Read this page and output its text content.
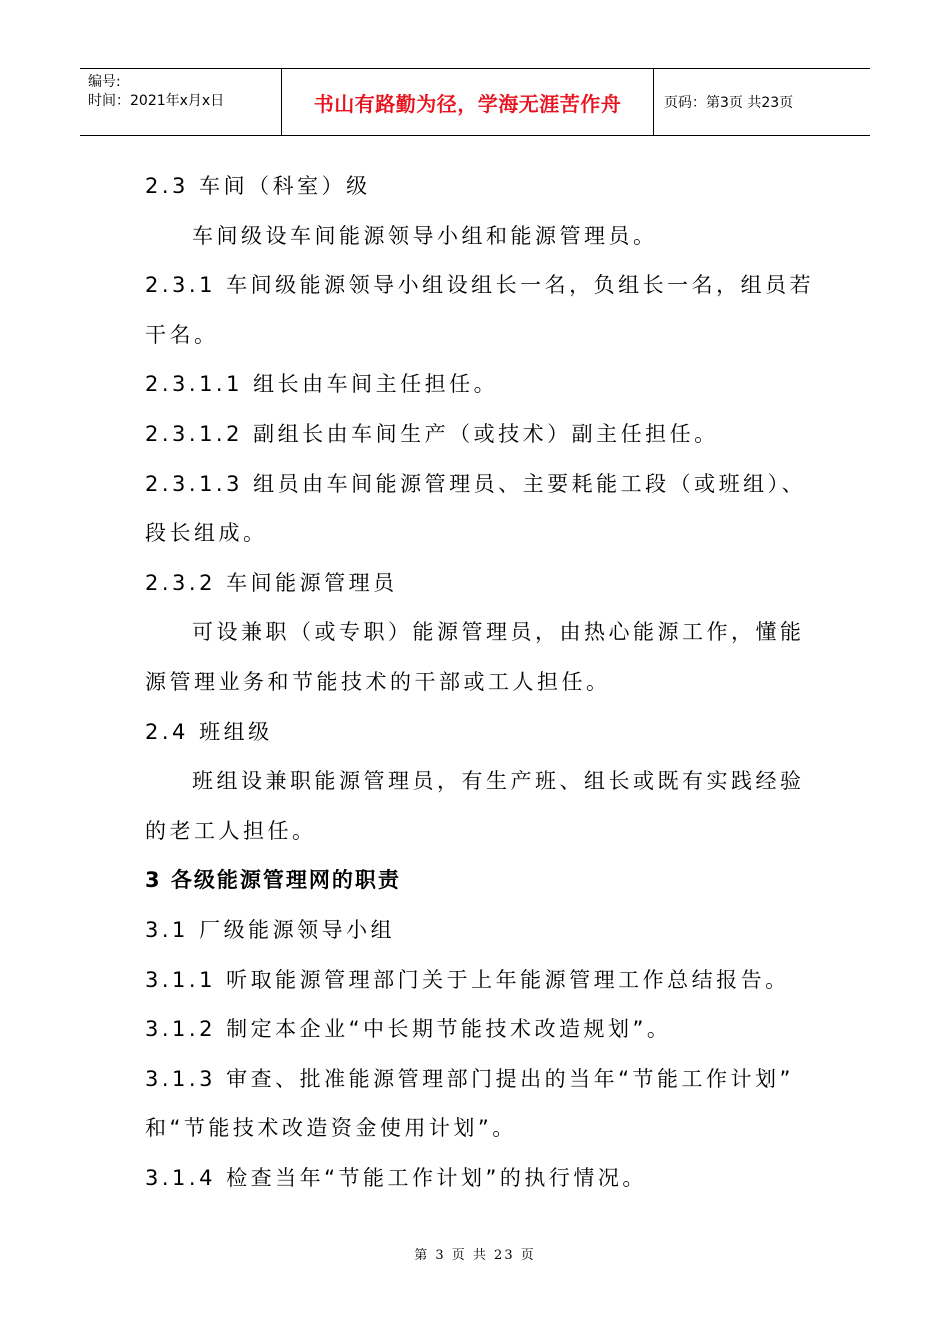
编号:
时间：2021年x月x日	书山有路勤为径，学海无涯苦作舟	页码：第3页 共23页
2.3 车间（科室）级
车间级设车间能源领导小组和能源管理员。
2.3.1 车间级能源领导小组设组长一名，负组长一名，组员若
干名。
2.3.1.1 组长由车间主任担任。
2.3.1.2 副组长由车间生产（或技术）副主任担任。
2.3.1.3 组员由车间能源管理员、主要耗能工段（或班组）、
段长组成。
2.3.2 车间能源管理员
可设兼职（或专职）能源管理员，由热心能源工作，懂能
源管理业务和节能技术的干部或工人担任。
2.4 班组级
班组设兼职能源管理员，有生产班、组长或既有实践经验
的老工人担任。
3 各级能源管理网的职责
3.1 厂级能源领导小组
3.1.1 听取能源管理部门关于上年能源管理工作总结报告。
3.1.2 制定本企业“中长期节能技术改造规划”。
3.1.3 审查、批准能源管理部门提出的当年“节能工作计划”
和“节能技术改造资金使用计划”。
3.1.4 检查当年“节能工作计划”的执行情况。
第 3 页 共 23 页
